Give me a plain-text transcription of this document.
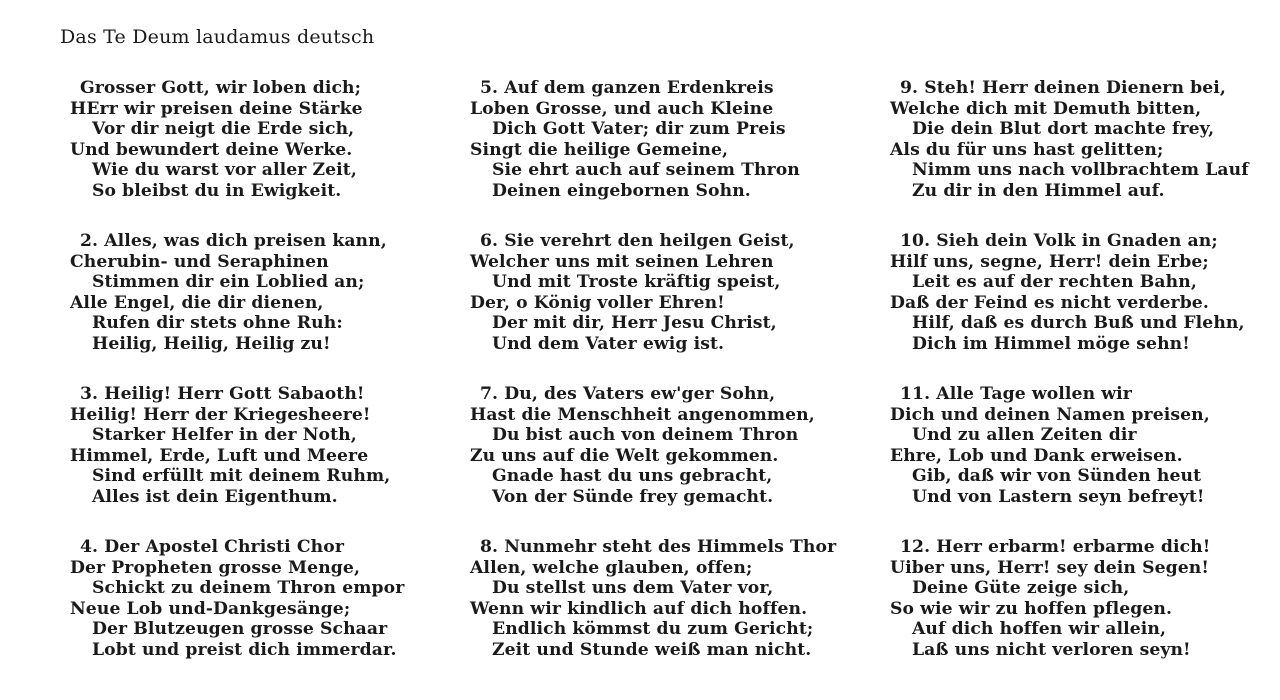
Das Te Deum laudamus deutsch
Grosser Gott, wir loben dich;
HErr wir preisen deine Stärke
Vor dir neigt die Erde sich,
Und bewundert deine Werke.
Wie du warst vor aller Zeit,
So bleibst du in Ewigkeit.
2. Alles, was dich preisen kann,
Cherubin- und Seraphinen
Stimmen dir ein Loblied an;
Alle Engel, die dir dienen,
Rufen dir stets ohne Ruh:
Heilig, Heilig, Heilig zu!
3. Heilig! Herr Gott Sabaoth!
Heilig! Herr der Kriegesheere!
Starker Helfer in der Noth,
Himmel, Erde, Luft und Meere
Sind erfüllt mit deinem Ruhm,
Alles ist dein Eigenthum.
4. Der Apostel Christi Chor
Der Propheten grosse Menge,
Schickt zu deinem Thron empor
Neue Lob und-Dankgesänge;
Der Blutzeugen grosse Schaar
Lobt und preist dich immerdar.
5. Auf dem ganzen Erdenkreis
Loben Grosse, und auch Kleine
Dich Gott Vater; dir zum Preis
Singt die heilige Gemeine,
Sie ehrt auch auf seinem Thron
Deinen eingebornen Sohn.
6. Sie verehrt den heilgen Geist,
Welcher uns mit seinen Lehren
Und mit Troste kräftig speist,
Der, o König voller Ehren!
Der mit dir, Herr Jesu Christ,
Und dem Vater ewig ist.
7. Du, des Vaters ew'ger Sohn,
Hast die Menschheit angenommen,
Du bist auch von deinem Thron
Zu uns auf die Welt gekommen.
Gnade hast du uns gebracht,
Von der Sünde frey gemacht.
8. Nunmehr steht des Himmels Thor
Allen, welche glauben, offen;
Du stellst uns dem Vater vor,
Wenn wir kindlich auf dich hoffen.
Endlich kömmst du zum Gericht;
Zeit und Stunde weiß man nicht.
9. Steh! Herr deinen Dienern bei,
Welche dich mit Demuth bitten,
Die dein Blut dort machte frey,
Als du für uns hast gelitten;
Nimm uns nach vollbrachtem Lauf
Zu dir in den Himmel auf.
10. Sieh dein Volk in Gnaden an;
Hilf uns, segne, Herr! dein Erbe;
Leit es auf der rechten Bahn,
Daß der Feind es nicht verderbe.
Hilf, daß es durch Buß und Flehn,
Dich im Himmel möge sehn!
11. Alle Tage wollen wir
Dich und deinen Namen preisen,
Und zu allen Zeiten dir
Ehre, Lob und Dank erweisen.
Gib, daß wir von Sünden heut
Und von Lastern seyn befreyt!
12. Herr erbarm! erbarme dich!
Uiber uns, Herr! sey dein Segen!
Deine Güte zeige sich,
So wie wir zu hoffen pflegen.
Auf dich hoffen wir allein,
Laß uns nicht verloren seyn!
